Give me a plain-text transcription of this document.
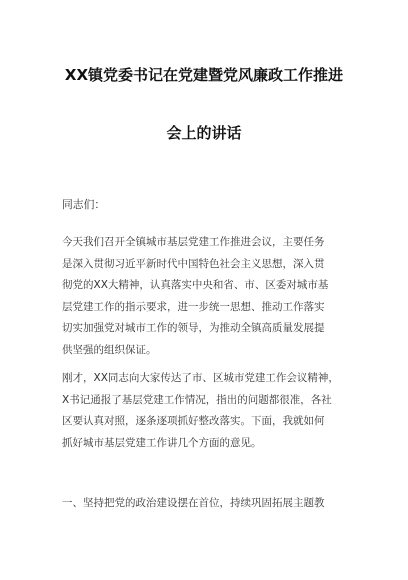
XX镇党委书记在党建暨党风廉政工作推进
会上的讲话
同志们：
今天我们召开全镇城市基层党建工作推进会议，主要任务
是深入贯彻习近平新时代中国特色社会主义思想，深入贯
彻党的XX大精神，认真落实中央和省、市、区委对城市基
层党建工作的指示要求，进一步统一思想、推动工作落实
切实加强党对城市工作的领导，为推动全镇高质量发展提
供坚强的组织保证。
刚才，XX同志向大家传达了市、区城市党建工作会议精神，
X书记通报了基层党建工作情况，指出的问题都很准，各社
区要认真对照，逐条逐项抓好整改落实。下面，我就如何
抓好城市基层党建工作讲几个方面的意见。
一、坚持把党的政治建设摆在首位，持续巩固拓展主题教
